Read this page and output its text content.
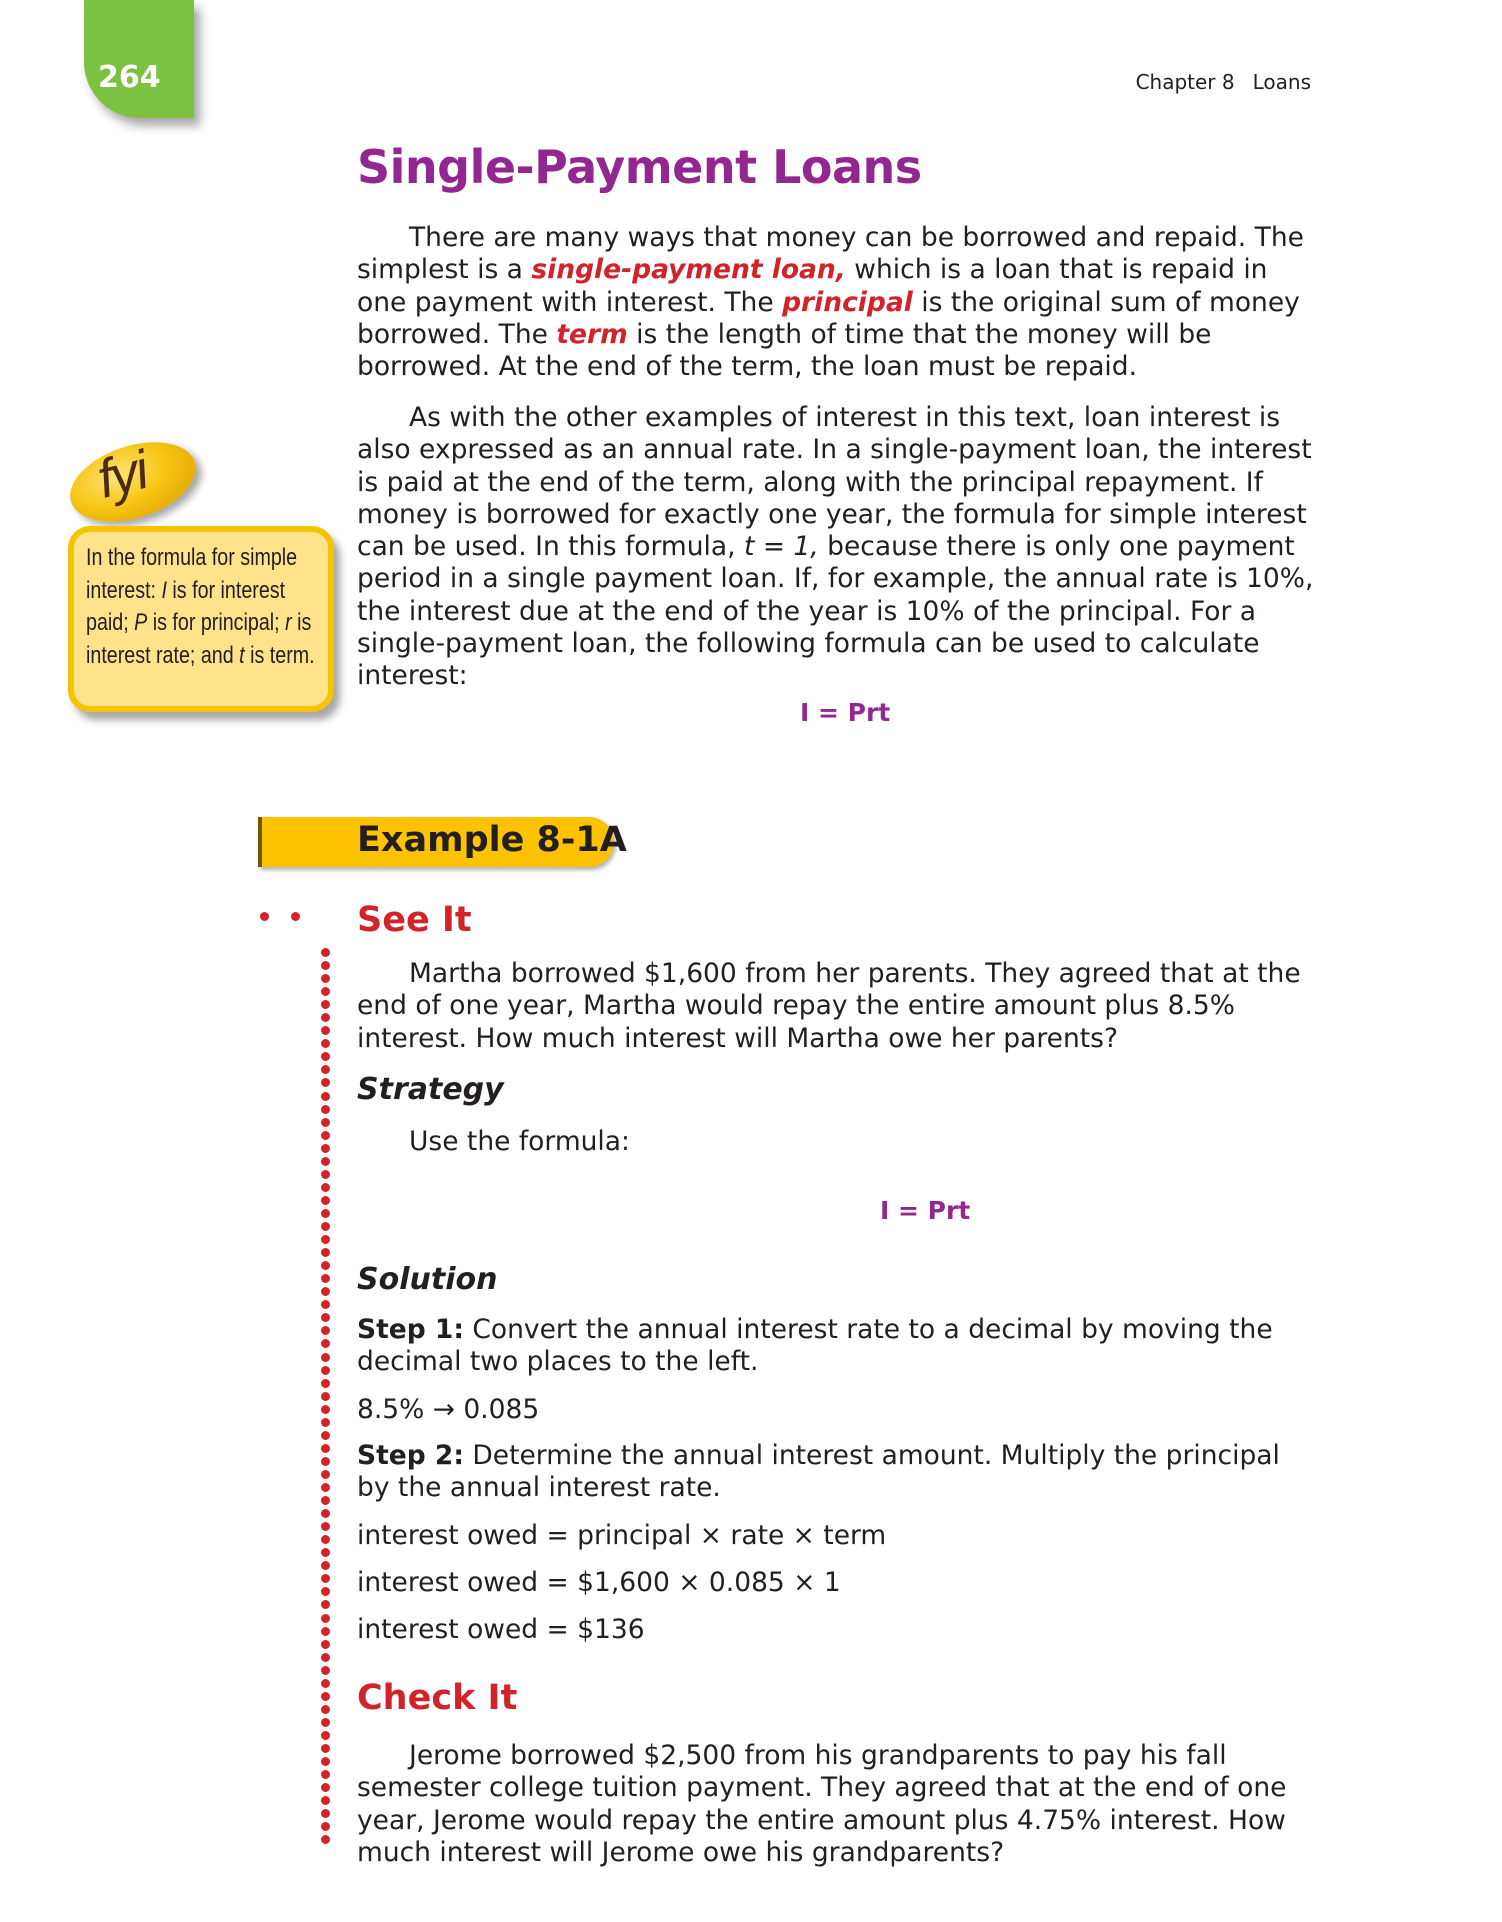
264	Chapter 8 Loans
Single-Payment Loans

There are many ways that money can be borrowed and repaid. The simplest is a single-payment loan, which is a loan that is repaid in one payment with interest. The principal is the original sum of money borrowed. The term is the length of time that the money will be borrowed. At the end of the term, the loan must be repaid.

As with the other examples of interest in this text, loan interest is also expressed as an annual rate. In a single-payment loan, the interest is paid at the end of the term, along with the principal repayment. If money is borrowed for exactly one year, the formula for simple interest can be used. In this formula, t = 1, because there is only one payment period in a single payment loan. If, for example, the annual rate is 10%, the interest due at the end of the year is 10% of the principal. For a single-payment loan, the following formula can be used to calculate interest:

I = Prt
fyi

In the formula for simple interest: I is for interest paid; P is for principal; r is interest rate; and t is term.

Example 8-1A
See It

Martha borrowed $1,600 from her parents. They agreed that at the end of one year, Martha would repay the entire amount plus 8.5% interest. How much interest will Martha owe her parents?

Strategy

Use the formula:

I = Prt
Solution

Step 1: Convert the annual interest rate to a decimal by moving the decimal two places to the left.

8.5% → 0.085

Step 2: Determine the annual interest amount. Multiply the principal by the annual interest rate.

interest owed = principal × rate × term

interest owed = $1,600 × 0.085 × 1

interest owed = $136

Check It

Jerome borrowed $2,500 from his grandparents to pay his fall semester college tuition payment. They agreed that at the end of one year, Jerome would repay the entire amount plus 4.75% interest. How much interest will Jerome owe his grandparents?
